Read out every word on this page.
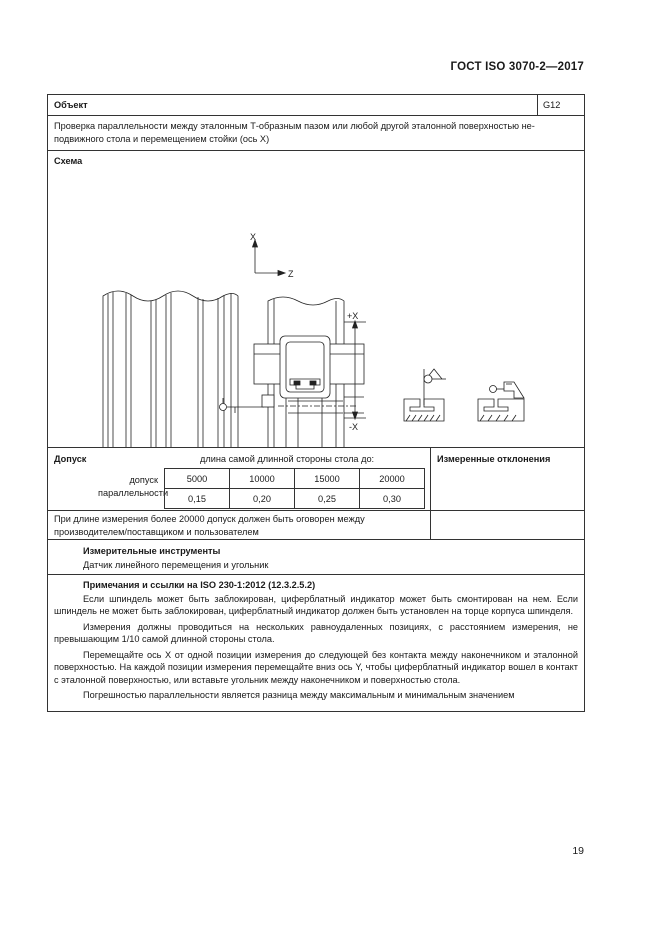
ГОСТ ISO 3070-2—2017
Объект	G12
Проверка параллельности между эталонным Т-образным пазом или любой другой эталонной поверхностью не-подвижного стола и перемещением стойки (ось X)
Схема
X
Z
+X
-X
Допуск	длина самой длинной стороны стола до:
допуск
параллельности
5000	10000	15000	20000
0,15	0,20	0,25	0,30
Измеренные отклонения
При длине измерения более 20000 допуск должен быть оговорен между производителем/поставщиком и пользователем
Измерительные инструменты
Датчик линейного перемещения и угольник
Примечания и ссылки на ISO 230-1:2012 (12.3.2.5.2)

Если шпиндель может быть заблокирован, циферблатный индикатор может быть смонтирован на нем. Если шпиндель не может быть заблокирован, циферблатный индикатор должен быть установлен на торце корпуса шпинделя.

Измерения должны проводиться на нескольких равноудаленных позициях, с расстоянием измерения, не превышающим 1/10 самой длинной стороны стола.

Перемещайте ось X от одной позиции измерения до следующей без контакта между наконечником и эталонной поверхностью. На каждой позиции измерения перемещайте вниз ось Y, чтобы циферблатный индикатор вошел в контакт с эталонной поверхностью, или вставьте угольник между наконечником и поверхностью стола.

Погрешностью параллельности является разница между максимальным и минимальным значением

19
